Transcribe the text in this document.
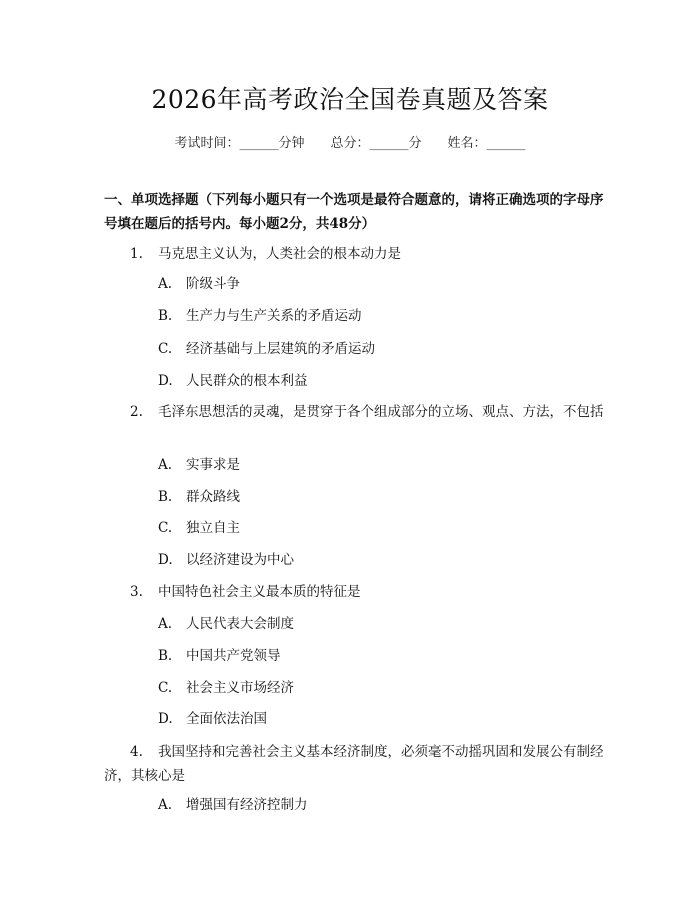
2026年高考政治全国卷真题及答案
考试时间：______分钟 总分：______分 姓名：______
一、单项选择题（下列每小题只有一个选项是最符合题意的，请将正确选项的字母序号填在题后的括号内。每小题2分，共48分）
1. 马克思主义认为，人类社会的根本动力是
A. 阶级斗争
B. 生产力与生产关系的矛盾运动
C. 经济基础与上层建筑的矛盾运动
D. 人民群众的根本利益
2. 毛泽东思想活的灵魂，是贯穿于各个组成部分的立场、观点、方法，不包括
A. 实事求是
B. 群众路线
C. 独立自主
D. 以经济建设为中心
3. 中国特色社会主义最本质的特征是
A. 人民代表大会制度
B. 中国共产党领导
C. 社会主义市场经济
D. 全面依法治国
4. 我国坚持和完善社会主义基本经济制度，必须毫不动摇巩固和发展公有制经济，其核心是
A. 增强国有经济控制力
